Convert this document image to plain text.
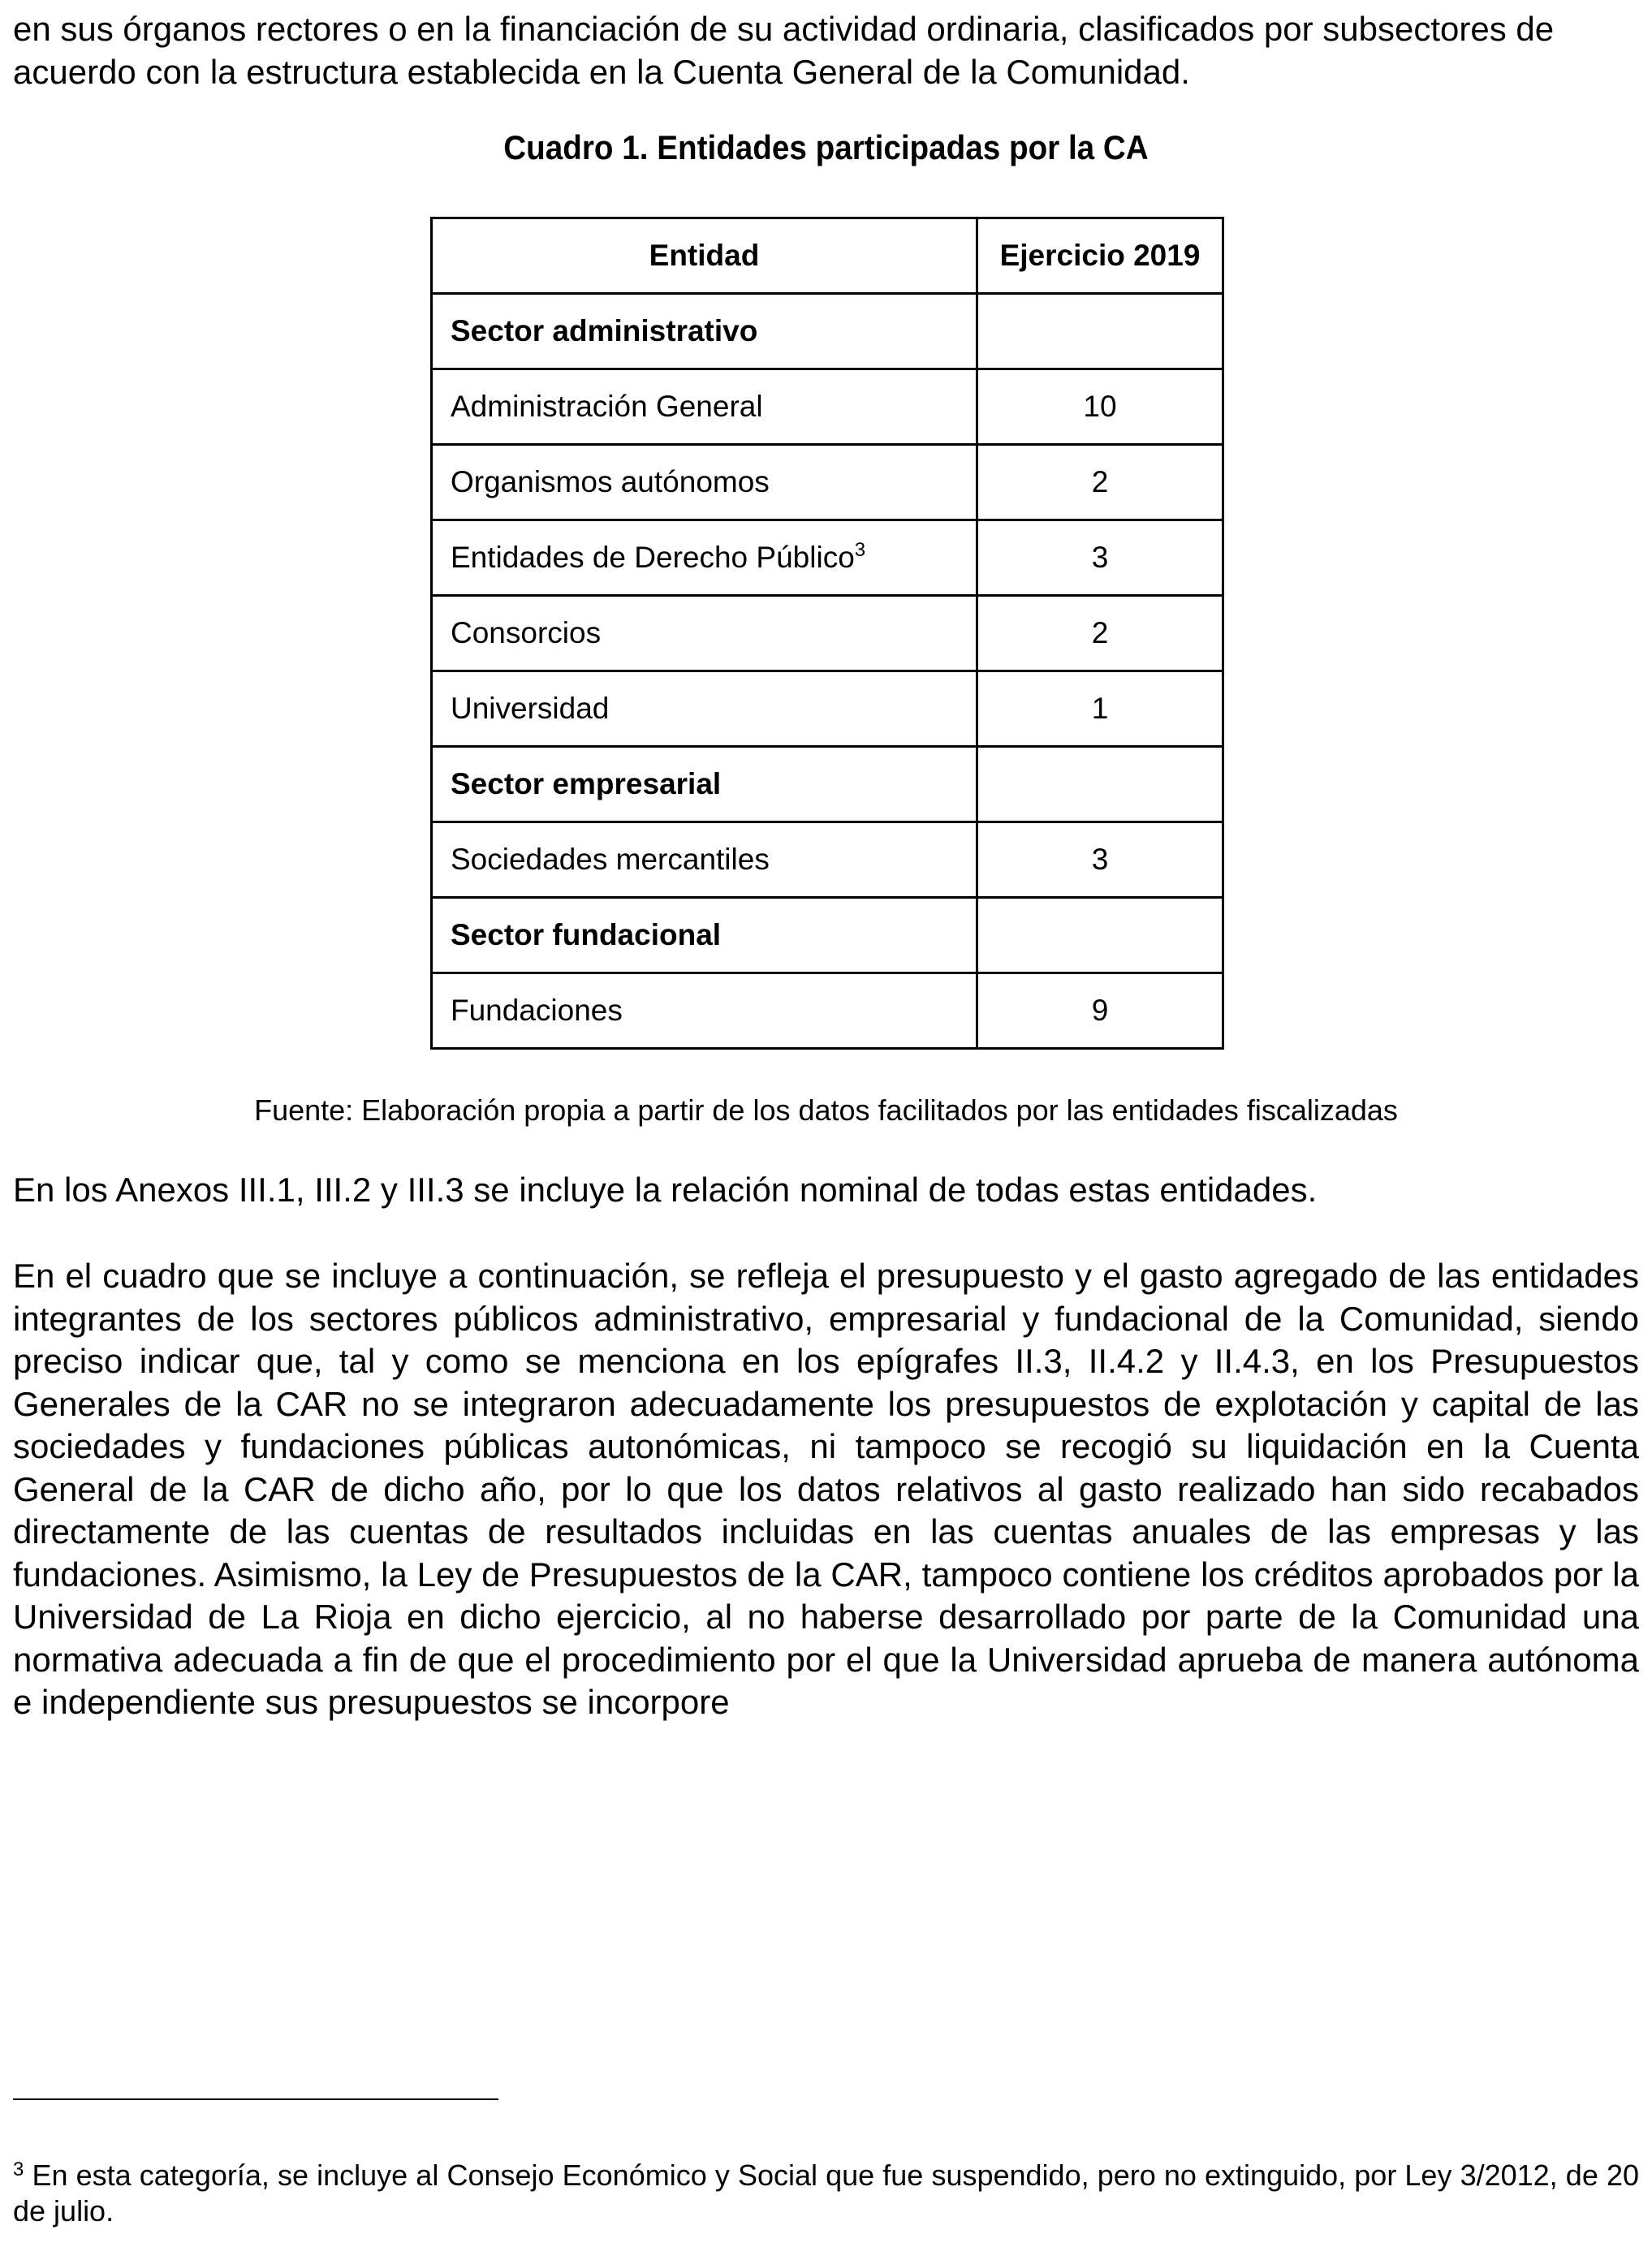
en sus órganos rectores o en la financiación de su actividad ordinaria, clasificados por subsectores de acuerdo con la estructura establecida en la Cuenta General de la Comunidad.

Cuadro 1. Entidades participadas por la CA
Entidad	Ejercicio 2019
Sector administrativo	
Administración General	10
Organismos autónomos	2
Entidades de Derecho Público$^3$	3
Consorcios	2
Universidad	1
Sector empresarial	
Sociedades mercantiles	3
Sector fundacional	
Fundaciones	9
Fuente: Elaboración propia a partir de los datos facilitados por las entidades fiscalizadas

En los Anexos III.1, III.2 y III.3 se incluye la relación nominal de todas estas entidades.

En el cuadro que se incluye a continuación, se refleja el presupuesto y el gasto agregado de las entidades integrantes de los sectores públicos administrativo, empresarial y fundacional de la Comunidad, siendo preciso indicar que, tal y como se menciona en los epígrafes II.3, II.4.2 y II.4.3, en los Presupuestos Generales de la CAR no se integraron adecuadamente los presupuestos de explotación y capital de las sociedades y fundaciones públicas autonómicas, ni tampoco se recogió su liquidación en la Cuenta General de la CAR de dicho año, por lo que los datos relativos al gasto realizado han sido recabados directamente de las cuentas de resultados incluidas en las cuentas anuales de las empresas y las fundaciones. Asimismo, la Ley de Presupuestos de la CAR, tampoco contiene los créditos aprobados por la Universidad de La Rioja en dicho ejercicio, al no haberse desarrollado por parte de la Comunidad una normativa adecuada a fin de que el procedimiento por el que la Universidad aprueba de manera autónoma e independiente sus presupuestos se incorpore

$^3$ En esta categoría, se incluye al Consejo Económico y Social que fue suspendido, pero no extinguido, por Ley 3/2012, de 20 de julio.
